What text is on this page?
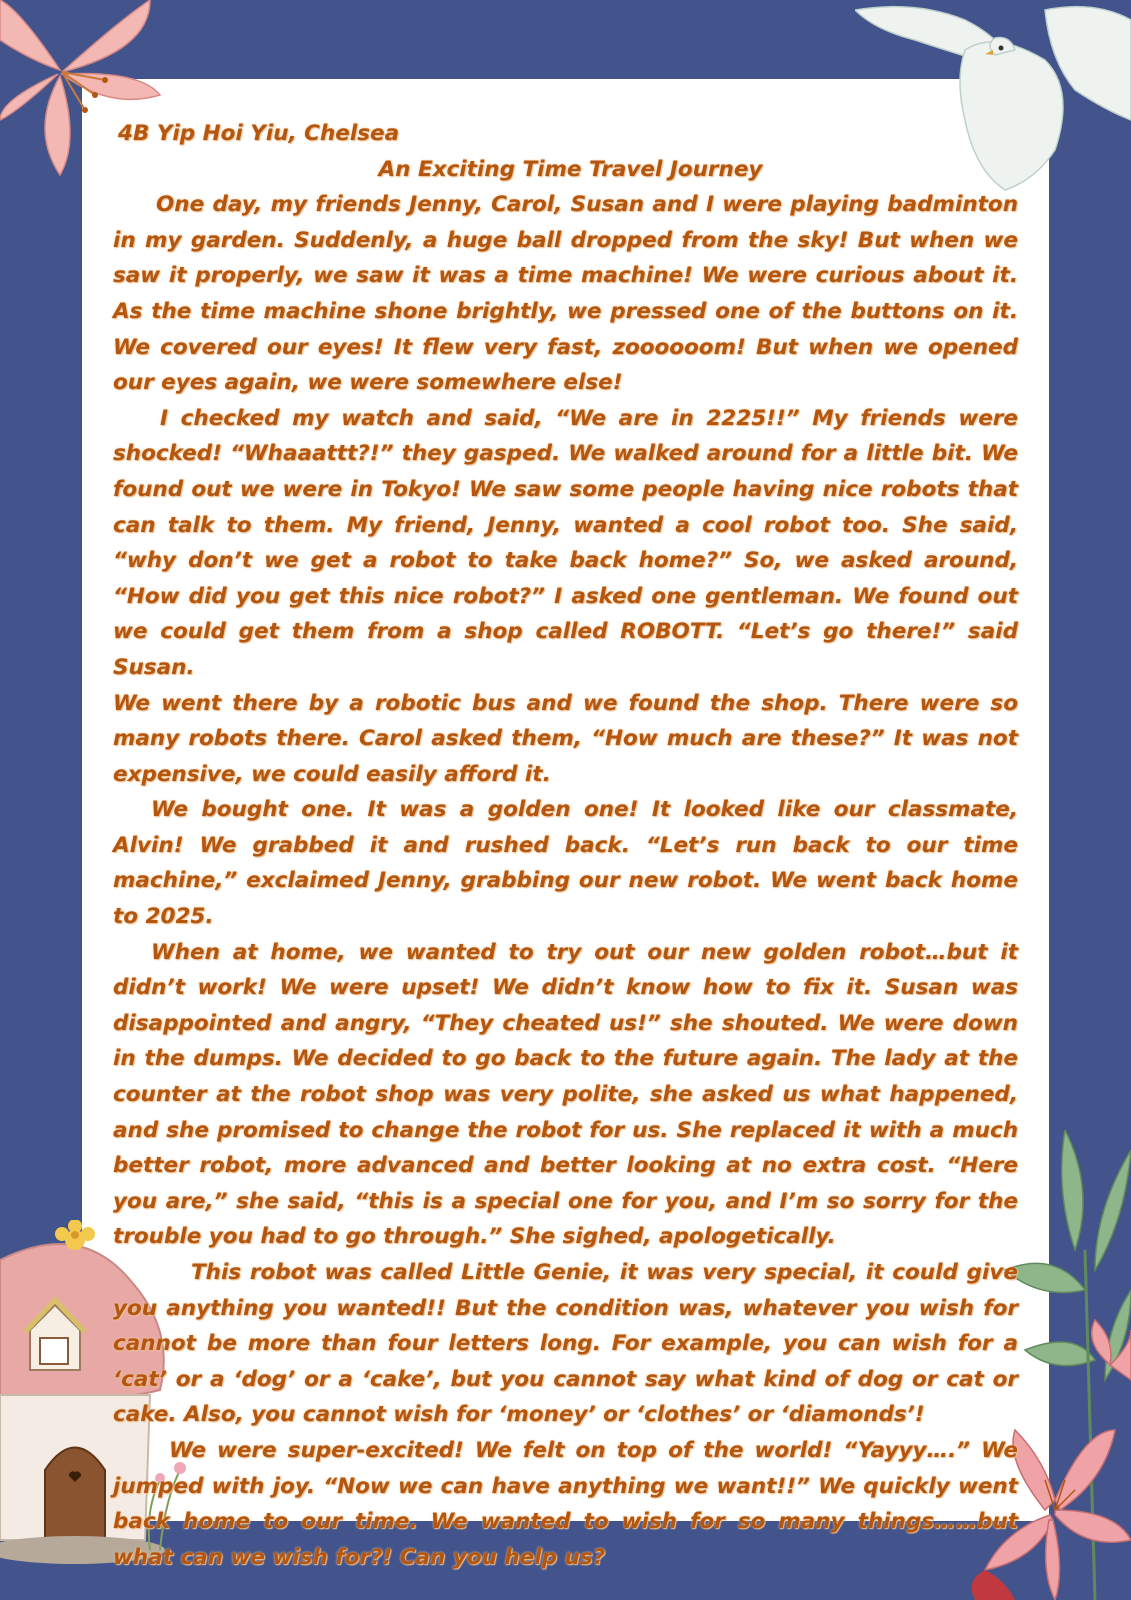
4B Yip Hoi Yiu, Chelsea

An Exciting Time Travel Journey

One day, my friends Jenny, Carol, Susan and I were playing badminton in my garden. Suddenly, a huge ball dropped from the sky! But when we saw it properly, we saw it was a time machine! We were curious about it. As the time machine shone brightly, we pressed one of the buttons on it. We covered our eyes! It flew very fast, zoooooom! But when we opened our eyes again, we were somewhere else!

I checked my watch and said, “We are in 2225!!” My friends were shocked! “Whaaattt?!” they gasped. We walked around for a little bit. We found out we were in Tokyo! We saw some people having nice robots that can talk to them. My friend, Jenny, wanted a cool robot too. She said, “why don’t we get a robot to take back home?” So, we asked around, “How did you get this nice robot?” I asked one gentleman. We found out we could get them from a shop called ROBOTT. “Let’s go there!” said Susan.

We went there by a robotic bus and we found the shop. There were so many robots there. Carol asked them, “How much are these?” It was not expensive, we could easily afford it.

We bought one. It was a golden one! It looked like our classmate, Alvin! We grabbed it and rushed back. “Let’s run back to our time machine,” exclaimed Jenny, grabbing our new robot. We went back home to 2025.

When at home, we wanted to try out our new golden robot…but it didn’t work! We were upset! We didn’t know how to fix it. Susan was disappointed and angry, “They cheated us!” she shouted. We were down in the dumps. We decided to go back to the future again. The lady at the counter at the robot shop was very polite, she asked us what happened, and she promised to change the robot for us. She replaced it with a much better robot, more advanced and better looking at no extra cost. “Here you are,” she said, “this is a special one for you, and I’m so sorry for the trouble you had to go through.” She sighed, apologetically.

This robot was called Little Genie, it was very special, it could give you anything you wanted!! But the condition was, whatever you wish for cannot be more than four letters long. For example, you can wish for a ‘cat’ or a ‘dog’ or a ‘cake’, but you cannot say what kind of dog or cat or cake. Also, you cannot wish for ‘money’ or ‘clothes’ or ‘diamonds’!

We were super-excited! We felt on top of the world! “Yayyy….” We jumped with joy. “Now we can have anything we want!!” We quickly went back home to our time. We wanted to wish for so many things……but what can we wish for?! Can you help us?
